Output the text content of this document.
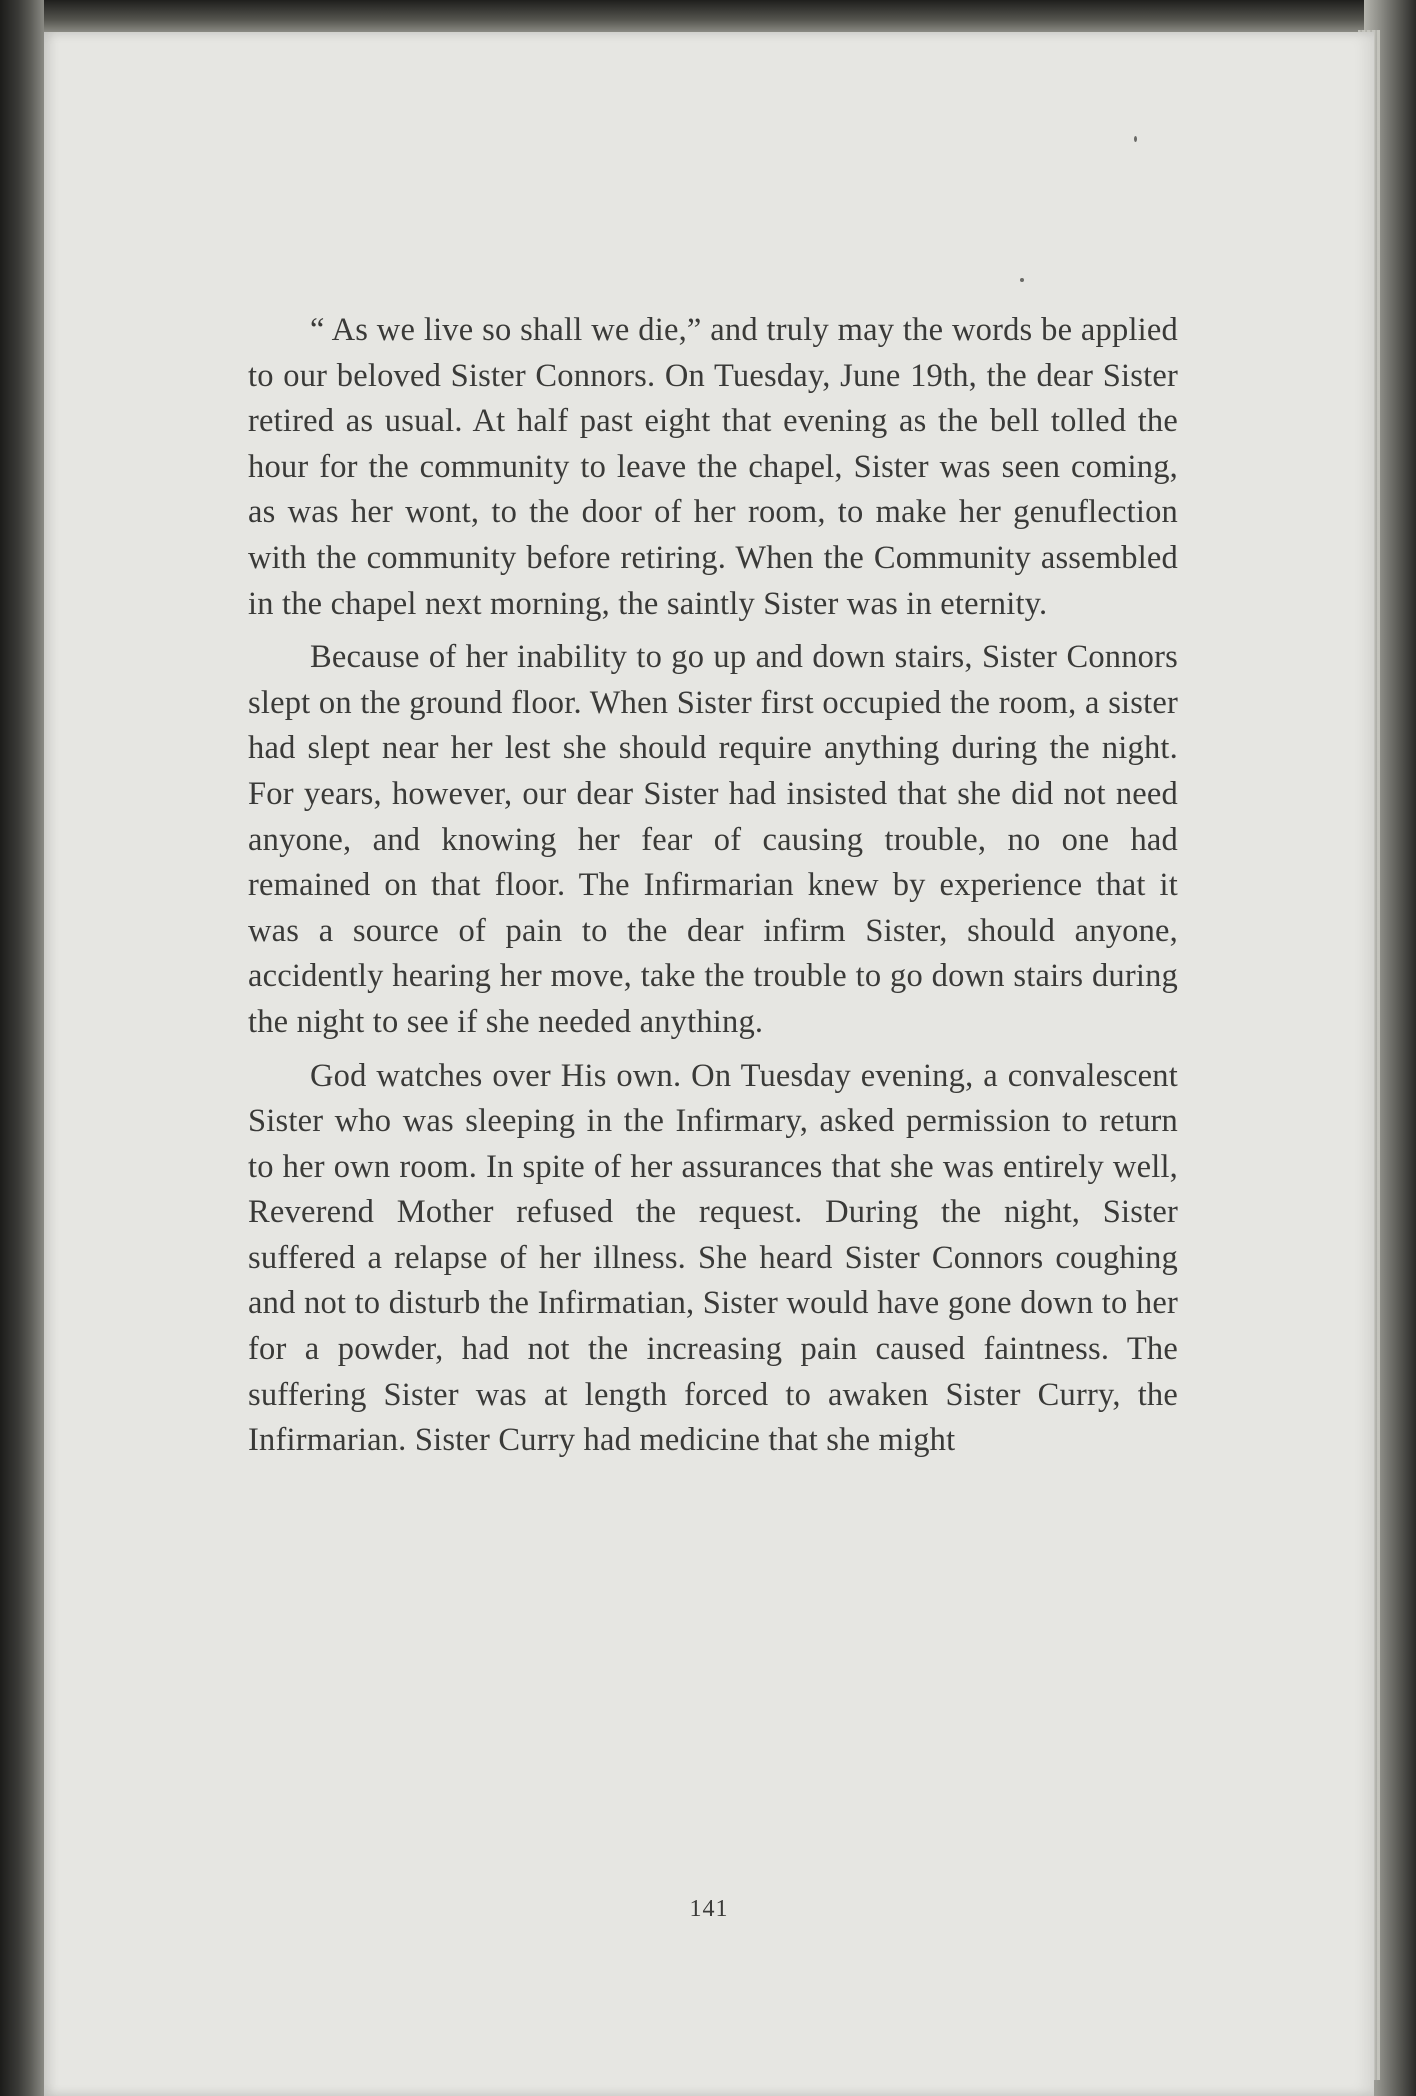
“ As we live so shall we die,” and truly may the words be applied to our beloved Sister Connors. On Tuesday, June 19th, the dear Sister retired as usual. At half past eight that evening as the bell tolled the hour for the community to leave the chapel, Sister was seen coming, as was her wont, to the door of her room, to make her genuflection with the community before retiring. When the Community assembled in the chapel next morning, the saintly Sister was in eternity.

Because of her inability to go up and down stairs, Sister Connors slept on the ground floor. When Sister first occupied the room, a sister had slept near her lest she should require anything during the night. For years, however, our dear Sister had insisted that she did not need anyone, and knowing her fear of causing trouble, no one had remained on that floor. The Infirmarian knew by experience that it was a source of pain to the dear infirm Sister, should anyone, accidently hearing her move, take the trouble to go down stairs during the night to see if she needed anything.

God watches over His own. On Tuesday evening, a convalescent Sister who was sleeping in the Infirmary, asked permission to return to her own room. In spite of her assurances that she was entirely well, Reverend Mother refused the request. During the night, Sister suffered a relapse of her illness. She heard Sister Connors coughing and not to disturb the Infirmatian, Sister would have gone down to her for a powder, had not the increasing pain caused faintness. The suffering Sister was at length forced to awaken Sister Curry, the Infirmarian. Sister Curry had medicine that she might

141
